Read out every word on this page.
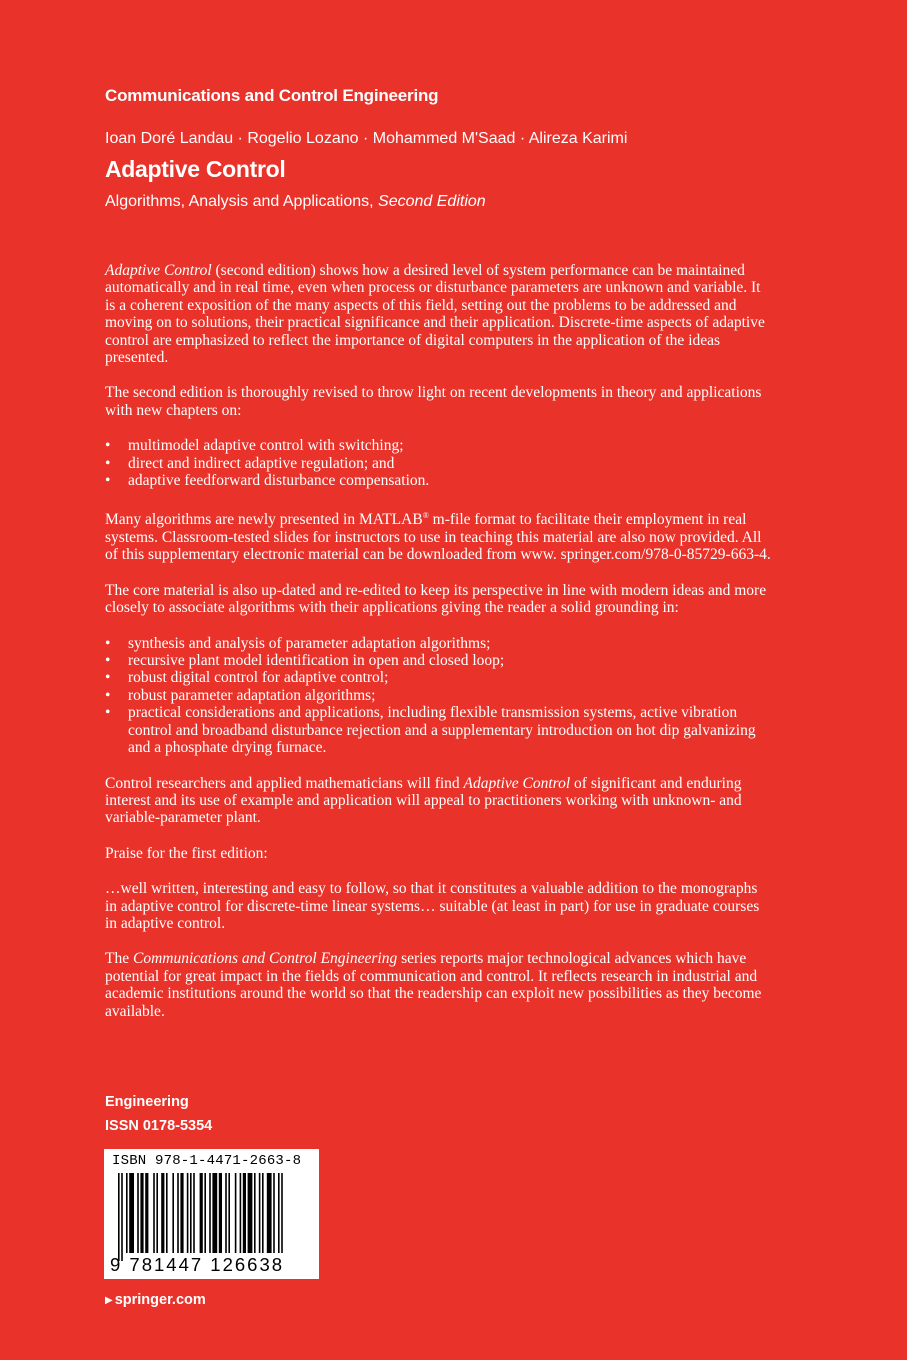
Communications and Control Engineering
Ioan Doré Landau · Rogelio Lozano · Mohammed M'Saad · Alireza Karimi
Adaptive Control
Algorithms, Analysis and Applications, Second Edition

Adaptive Control (second edition) shows how a desired level of system performance can be maintained automatically and in real time, even when process or disturbance parameters are unknown and variable. It is a coherent exposition of the many aspects of this field, setting out the problems to be addressed and moving on to solutions, their practical significance and their application. Discrete-time aspects of adaptive control are emphasized to reflect the importance of digital computers in the application of the ideas presented.

The second edition is thoroughly revised to throw light on recent developments in theory and applications with new chapters on:

• multimodel adaptive control with switching;
• direct and indirect adaptive regulation; and
• adaptive feedforward disturbance compensation.

Many algorithms are newly presented in MATLAB® m-file format to facilitate their employment in real systems. Classroom-tested slides for instructors to use in teaching this material are also now provided. All of this supplementary electronic material can be downloaded from www. springer.com/978-0-85729-663-4.

The core material is also up-dated and re-edited to keep its perspective in line with modern ideas and more closely to associate algorithms with their applications giving the reader a solid grounding in:

• synthesis and analysis of parameter adaptation algorithms;
• recursive plant model identification in open and closed loop;
• robust digital control for adaptive control;
• robust parameter adaptation algorithms;
• practical considerations and applications, including flexible transmission systems, active vibration control and broadband disturbance rejection and a supplementary introduction on hot dip galvanizing and a phosphate drying furnace.

Control researchers and applied mathematicians will find Adaptive Control of significant and enduring interest and its use of example and application will appeal to practitioners working with unknown- and variable-parameter plant.

Praise for the first edition:

…well written, interesting and easy to follow, so that it constitutes a valuable addition to the monographs in adaptive control for discrete-time linear systems… suitable (at least in part) for use in graduate courses in adaptive control.

The Communications and Control Engineering series reports major technological advances which have potential for great impact in the fields of communication and control. It reflects research in industrial and academic institutions around the world so that the readership can exploit new possibilities as they become available.

Engineering
ISSN 0178-5354
ISBN 978-1-4471-2663-8
9 781447 126638
▶ springer.com
